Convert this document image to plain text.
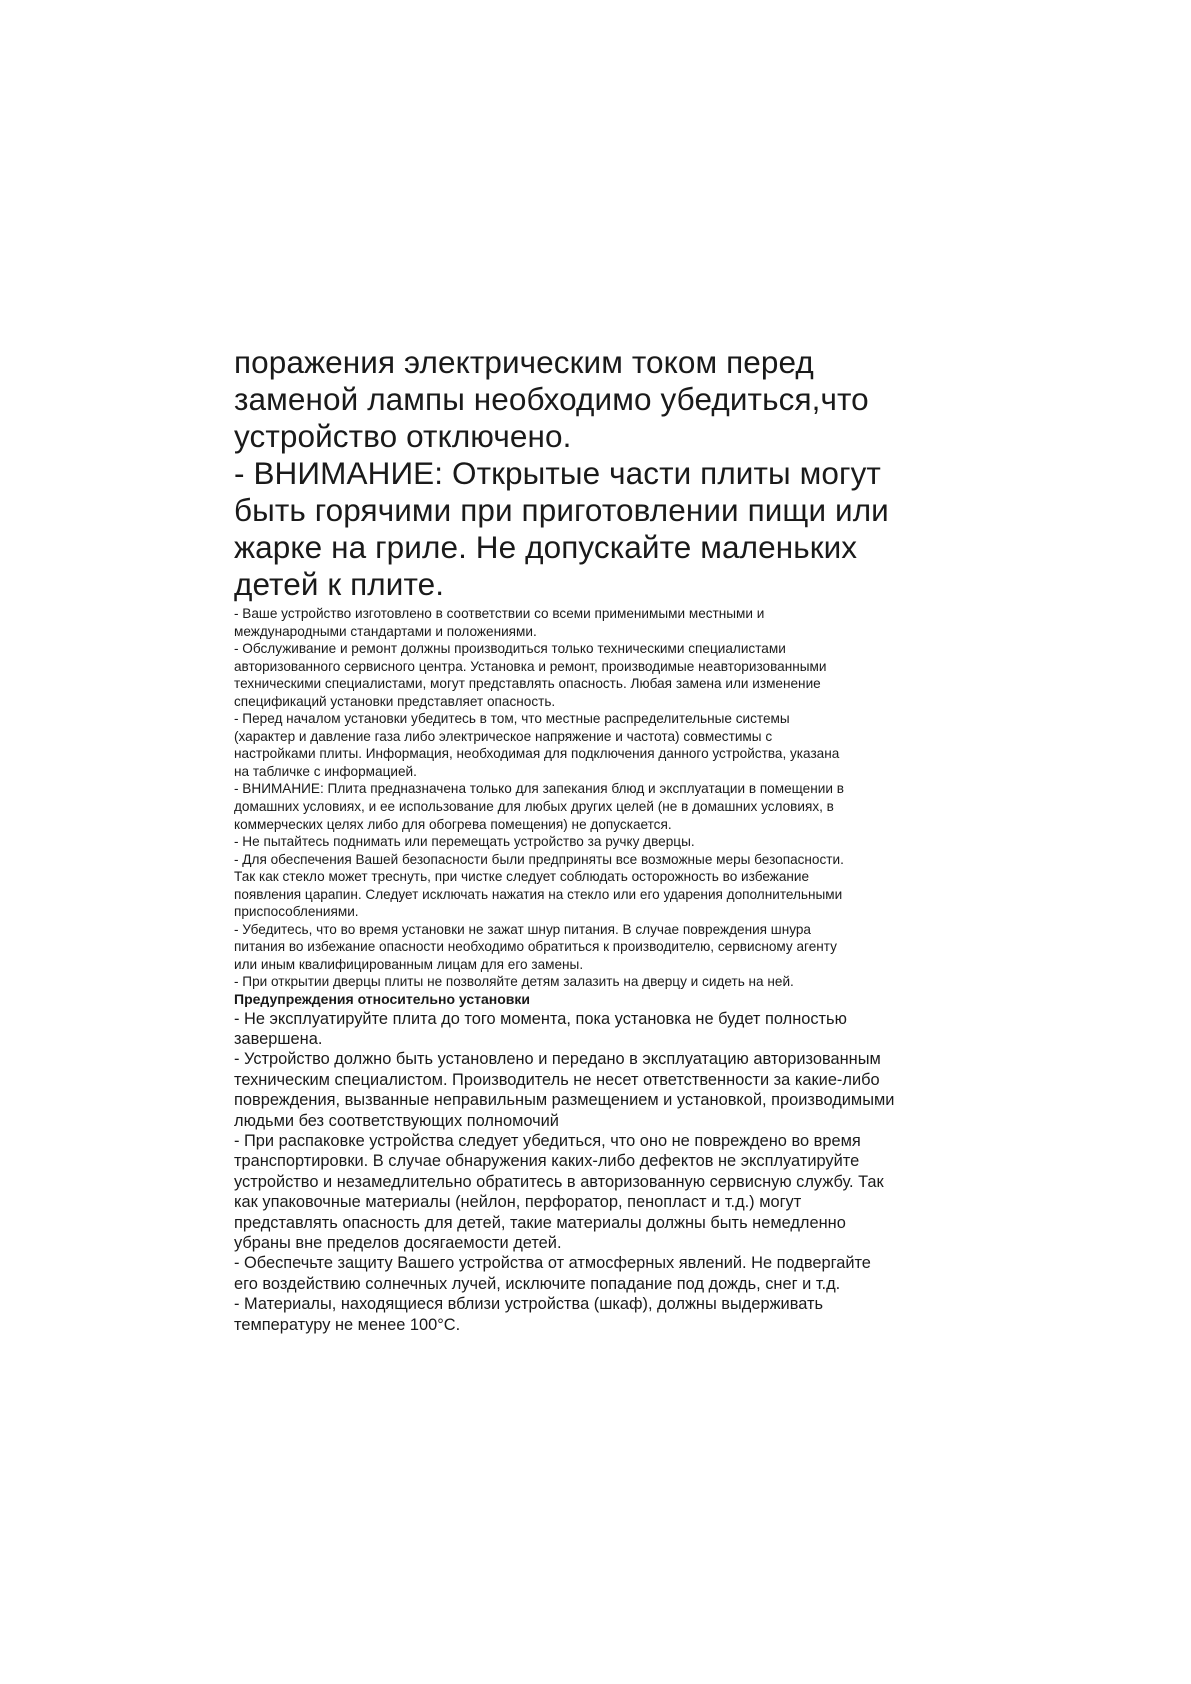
поражения электрическим током перед
заменой лампы необходимо убедиться,что
устройство отключено.

- ВНИМАНИЕ: Открытые части плиты могут
быть горячими при приготовлении пищи или
жарке на гриле. Не допускайте маленьких
детей к плите.

- Ваше устройство изготовлено в соответствии со всеми применимыми местными и
международными стандартами и положениями.

- Обслуживание и ремонт должны производиться только техническими специалистами
авторизованного сервисного центра. Установка и ремонт, производимые неавторизованными
техническими специалистами, могут представлять опасность. Любая замена или изменение
спецификаций установки представляет опасность.

- Перед началом установки убедитесь в том, что местные распределительные системы
(характер и давление газа либо электрическое напряжение и частота) совместимы с
настройками плиты. Информация, необходимая для подключения данного устройства, указана
на табличке с информацией.

- ВНИМАНИЕ: Плита предназначена только для запекания блюд и эксплуатации в помещении в
домашних условиях, и ее использование для любых других целей (не в домашних условиях, в
коммерческих целях либо для обогрева помещения) не допускается.

- Не пытайтесь поднимать или перемещать устройство за ручку дверцы.

- Для обеспечения Вашей безопасности были предприняты все возможные меры безопасности.
Так как стекло может треснуть, при чистке следует соблюдать осторожность во избежание
появления царапин. Следует исключать нажатия на стекло или его ударения дополнительными
приспособлениями.

- Убедитесь, что во время установки не зажат шнур питания. В случае повреждения шнура
питания во избежание опасности необходимо обратиться к производителю, сервисному агенту
или иным квалифицированным лицам для его замены.

- При открытии дверцы плиты не позволяйте детям залазить на дверцу и сидеть на ней.

Предупреждения относительно установки

- Не эксплуатируйте плита до того момента, пока установка не будет полностью
завершена.

- Устройство должно быть установлено и передано в эксплуатацию авторизованным
техническим специалистом. Производитель не несет ответственности за какие-либо
повреждения, вызванные неправильным размещением и установкой, производимыми
людьми без соответствующих полномочий

- При распаковке устройства следует убедиться, что оно не повреждено во время
транспортировки. В случае обнаружения каких-либо дефектов не эксплуатируйте
устройство и незамедлительно обратитесь в авторизованную сервисную службу. Так
как упаковочные материалы (нейлон, перфоратор, пенопласт и т.д.) могут
представлять опасность для детей, такие материалы должны быть немедленно
убраны вне пределов досягаемости детей.

- Обеспечьте защиту Вашего устройства от атмосферных явлений. Не подвергайте
его воздействию солнечных лучей, исключите попадание под дождь, снег и т.д.

- Материалы, находящиеся вблизи устройства (шкаф), должны выдерживать
температуру не менее 100°C.
